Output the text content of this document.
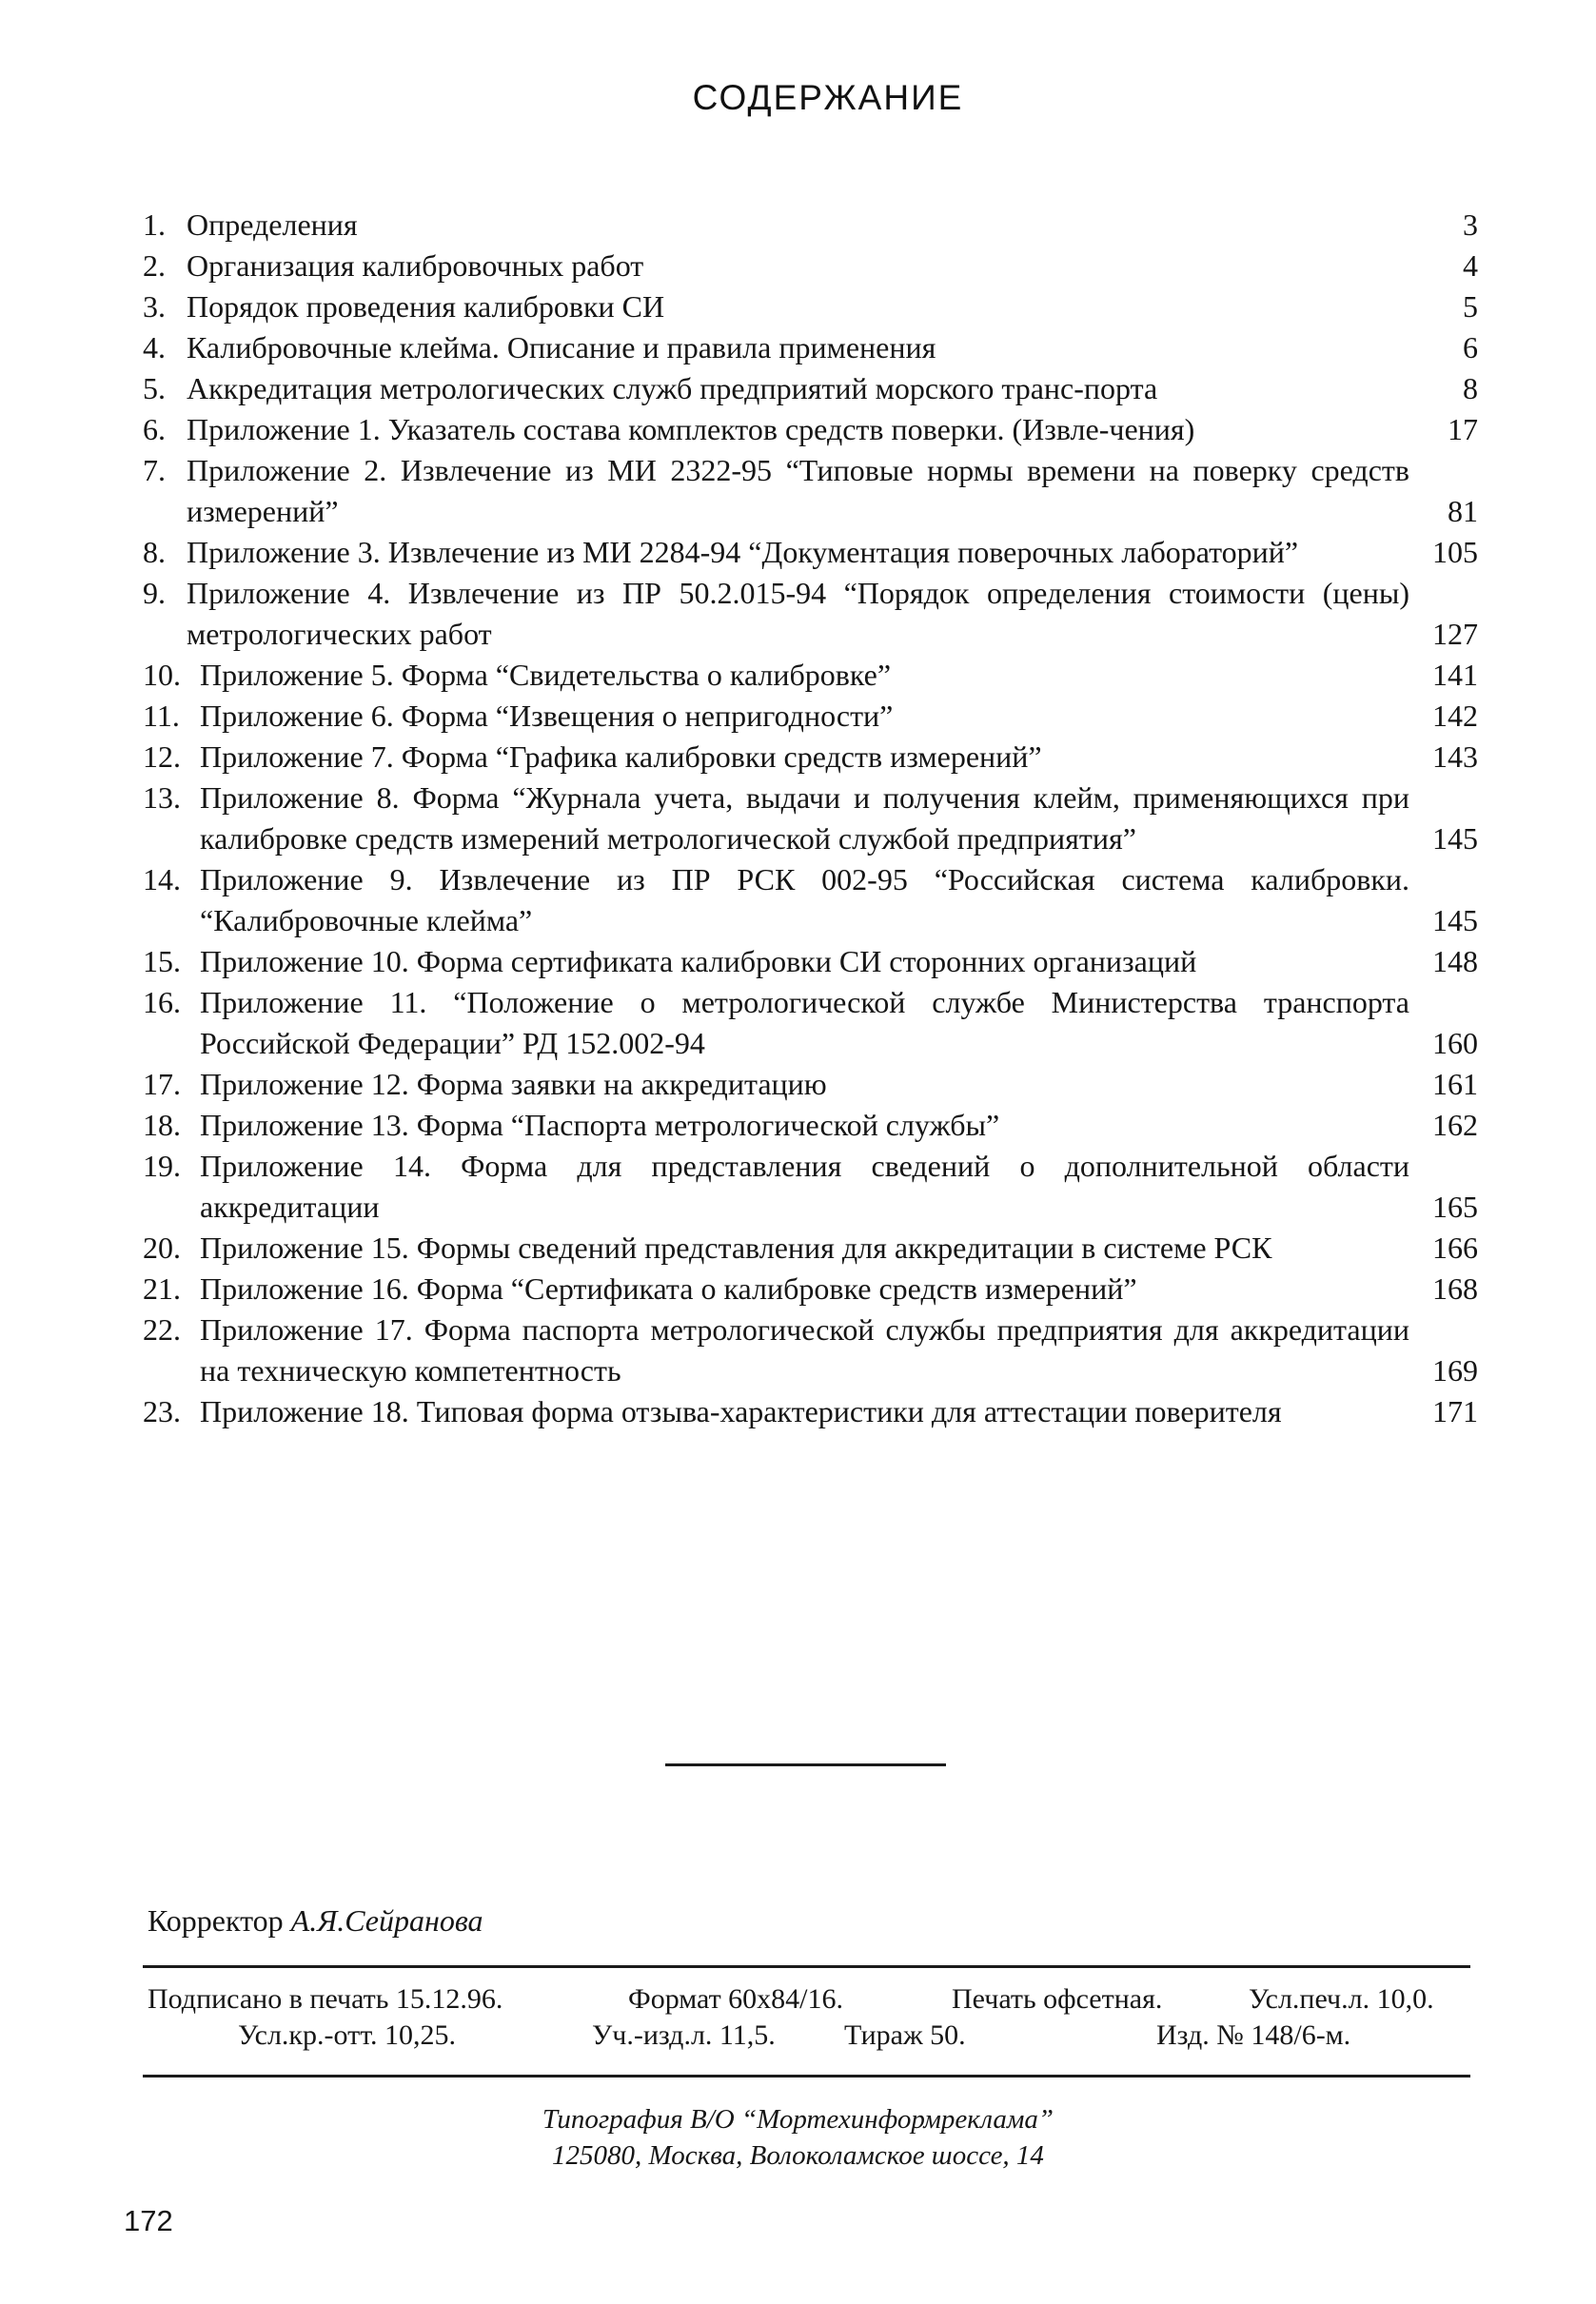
СОДЕРЖАНИЕ
1. Определения	3
2. Организация калибровочных работ	4
3. Порядок проведения калибровки СИ	5
4. Калибровочные клейма. Описание и правила применения	6
5. Аккредитация метрологических служб предприятий морского транс-порта	8
6. Приложение 1. Указатель состава комплектов средств поверки. (Извле-чения)	17
7. Приложение 2. Извлечение из МИ 2322-95 “Типовые нормы времени на поверку средств измерений”	81
8. Приложение 3. Извлечение из МИ 2284-94 “Документация поверочных лабораторий”	105
9. Приложение 4. Извлечение из ПР 50.2.015-94 “Порядок определения стоимости (цены) метрологических работ	127
10. Приложение 5. Форма “Свидетельства о калибровке”	141
11. Приложение 6. Форма “Извещения о непригодности”	142
12. Приложение 7. Форма “Графика калибровки средств измерений”	143
13. Приложение 8. Форма “Журнала учета, выдачи и получения клейм, применяющихся при калибровке средств измерений метрологической службой предприятия”	145
14. Приложение 9. Извлечение из ПР РСК 002-95 “Российская система калибровки. “Калибровочные клейма”	145
15. Приложение 10. Форма сертификата калибровки СИ сторонних организаций	148
16. Приложение 11. “Положение о метрологической службе Министерства транспорта Российской Федерации” РД 152.002-94	160
17. Приложение 12. Форма заявки на аккредитацию	161
18. Приложение 13. Форма “Паспорта метрологической службы”	162
19. Приложение 14. Форма для представления сведений о дополнительной области аккредитации	165
20. Приложение 15. Формы сведений представления для аккредитации в системе РСК	166
21. Приложение 16. Форма “Сертификата о калибровке средств измерений”	168
22. Приложение 17. Форма паспорта метрологической службы предприятия для аккредитации на техническую компетентность	169
23. Приложение 18. Типовая форма отзыва-характеристики для аттестации поверителя	171
Корректор А.Я.Сейранова
Подписано в печать 15.12.96.	Формат 60x84/16.	Печать офсетная.	Усл.печ.л. 10,0.
Усл.кр.-отт. 10,25.	Уч.-изд.л. 11,5. Тираж 50.	Изд. № 148/6-м.
Типография В/О “Мортехинформреклама”
125080, Москва, Волоколамское шоссе, 14
172
